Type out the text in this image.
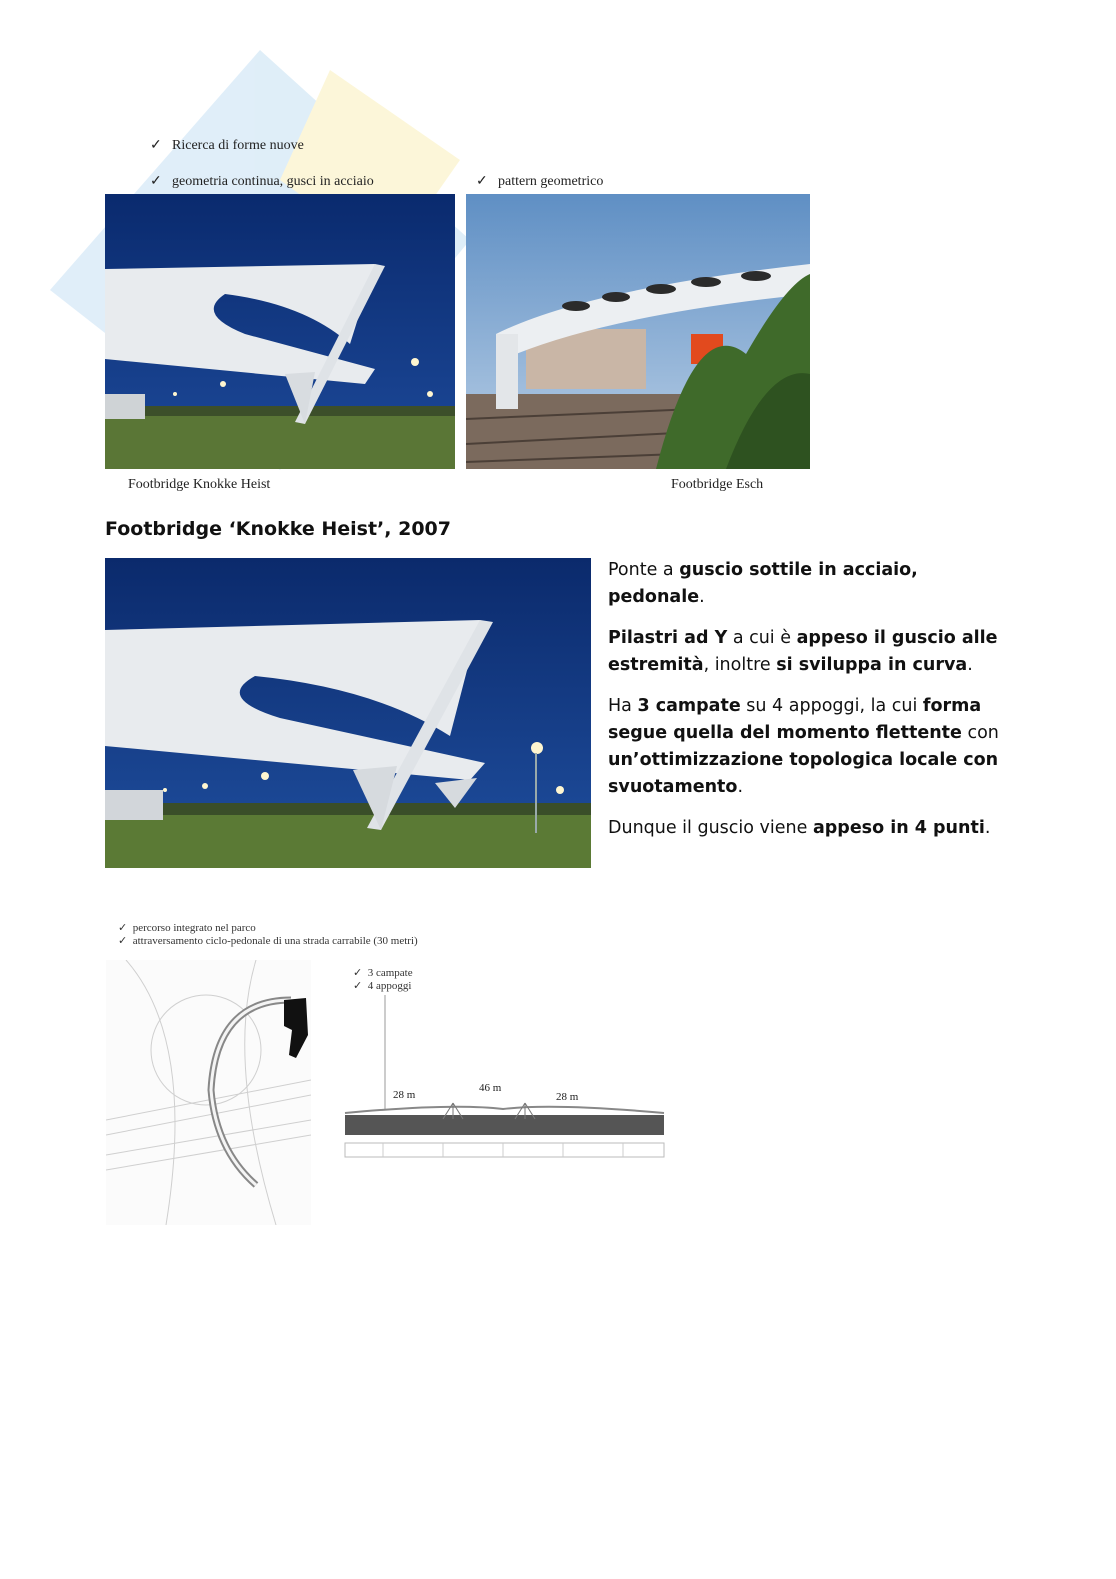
✓ Ricerca di forme nuove
✓ geometria continua, gusci in acciaio	✓ pattern geometrico
Footbridge Knokke Heist	Footbridge Esch
Footbridge ‘Knokke Heist’, 2007

Ponte a guscio sottile in acciaio, pedonale.

Pilastri ad Y a cui è appeso il guscio alle estremità, inoltre si sviluppa in curva.

Ha 3 campate su 4 appoggi, la cui forma segue quella del momento flettente con un’ottimizzazione topologica locale con svuotamento.

Dunque il guscio viene appeso in 4 punti.

✓ percorso integrato nel parco
✓ attraversamento ciclo-pedonale di una strada carrabile (30 metri)
✓ 3 campate
✓ 4 appoggi
28 m
46 m
28 m
